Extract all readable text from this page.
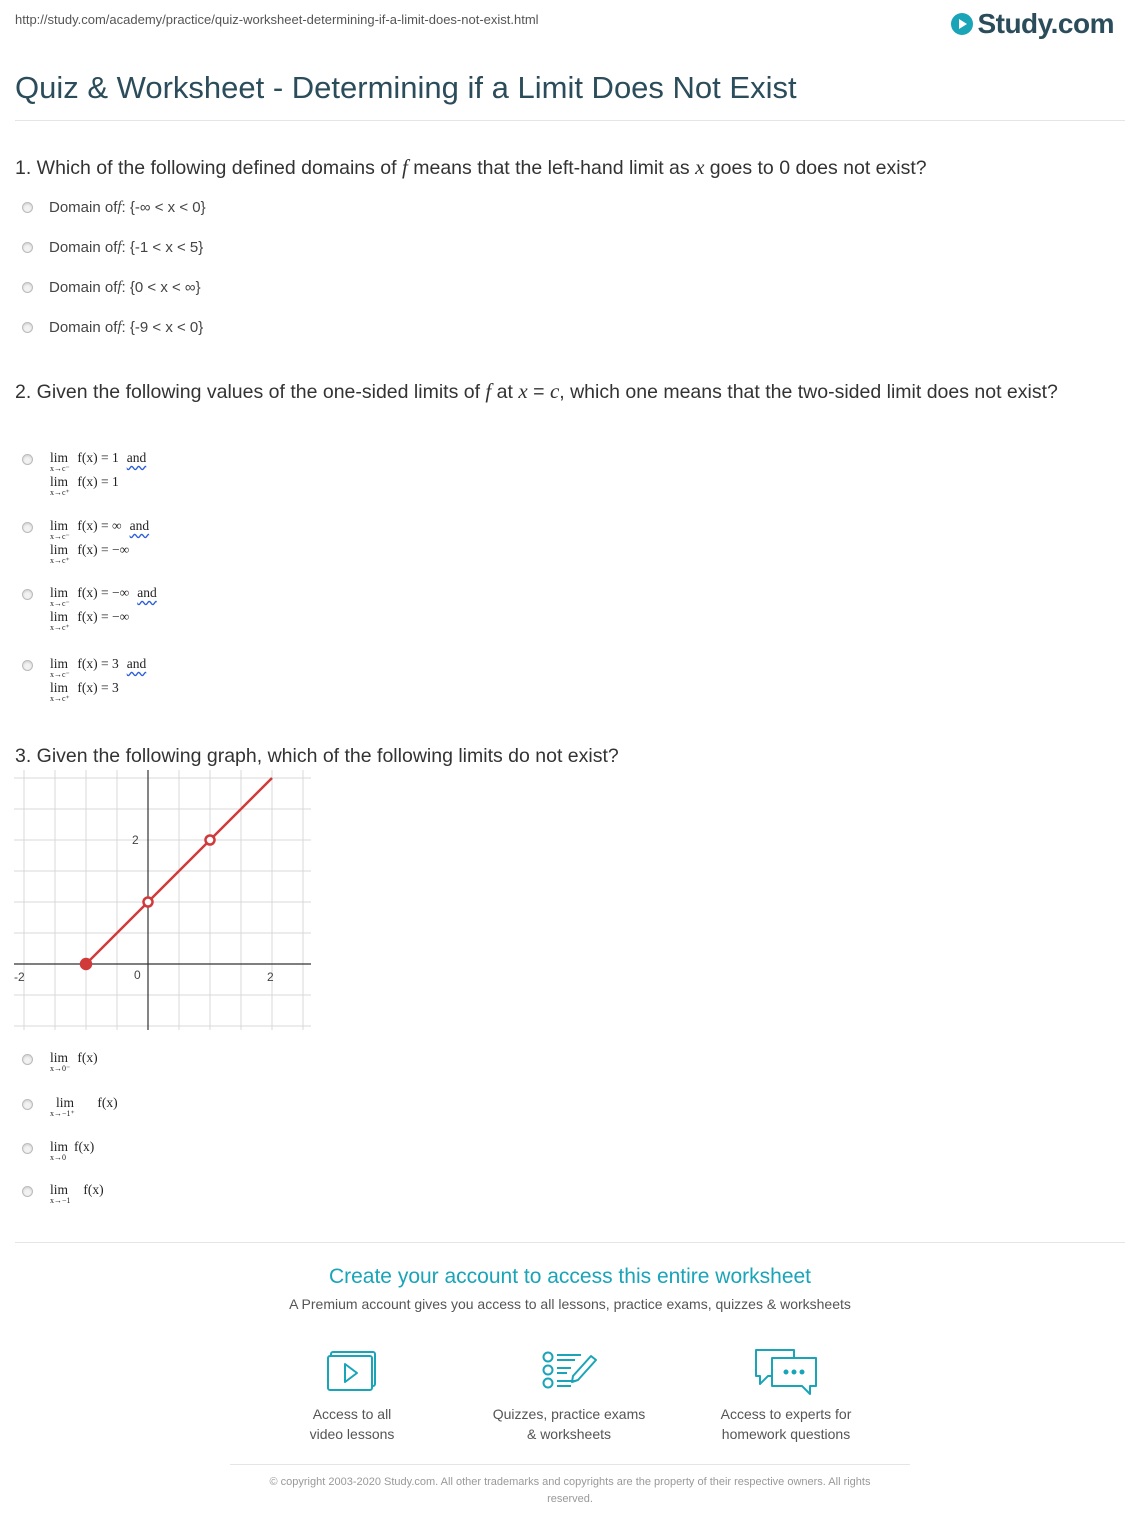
http://study.com/academy/practice/quiz-worksheet-determining-if-a-limit-does-not-exist.html	Study.com
Quiz & Worksheet - Determining if a Limit Does Not Exist
1. Which of the following defined domains of f means that the left-hand limit as x goes to 0 does not exist?
Domain of f : {-∞ < x < 0}
Domain of f : {-1 < x < 5}
Domain of f : {0 < x < ∞}
Domain of f : {-9 < x < 0}
2. Given the following values of the one-sided limits of f at x = c, which one means that the two-sided limit does not exist?
lim
x→c⁻
f(x) = 1 and
lim
x→c⁺
f(x) = 1
lim
x→c⁻
f(x) = ∞ and
lim
x→c⁺
f(x) = −∞
lim
x→c⁻
f(x) = −∞ and
lim
x→c⁺
f(x) = −∞
lim
x→c⁻
f(x) = 3 and
lim
x→c⁺
f(x) = 3
3. Given the following graph, which of the following limits do not exist?
2
-2	0	2
lim
x→0⁻
f(x)
lim
x→−1⁺
f(x)
lim
x→0
f(x)
lim
x→−1
f(x)
Create your account to access this entire worksheet
A Premium account gives you access to all lessons, practice exams, quizzes & worksheets
Access to all
video lessons
Quizzes, practice exams
& worksheets
Access to experts for
homework questions
© copyright 2003-2020 Study.com. All other trademarks and copyrights are the property of their respective owners. All rights
reserved.
